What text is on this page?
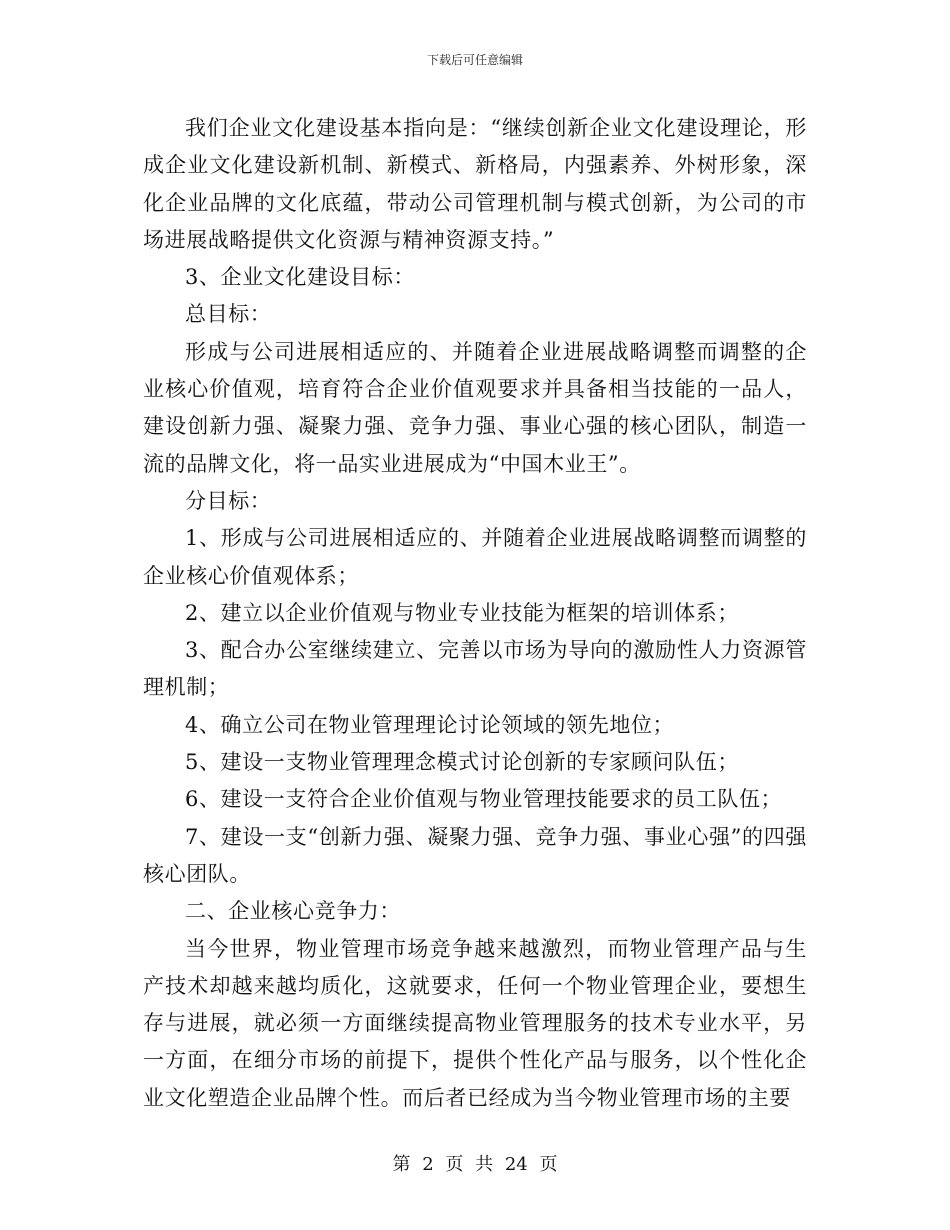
下载后可任意编辑

我们企业文化建设基本指向是：“继续创新企业文化建设理论，形成企业文化建设新机制、新模式、新格局，内强素养、外树形象，深化企业品牌的文化底蕴，带动公司管理机制与模式创新，为公司的市场进展战略提供文化资源与精神资源支持。”

3、企业文化建设目标：

总目标：

形成与公司进展相适应的、并随着企业进展战略调整而调整的企业核心价值观，培育符合企业价值观要求并具备相当技能的一品人，建设创新力强、凝聚力强、竞争力强、事业心强的核心团队，制造一流的品牌文化，将一品实业进展成为“中国木业王”。

分目标：

1、形成与公司进展相适应的、并随着企业进展战略调整而调整的企业核心价值观体系；

2、建立以企业价值观与物业专业技能为框架的培训体系；

3、配合办公室继续建立、完善以市场为导向的激励性人力资源管理机制；

4、确立公司在物业管理理论讨论领域的领先地位；

5、建设一支物业管理理念模式讨论创新的专家顾问队伍；

6、建设一支符合企业价值观与物业管理技能要求的员工队伍；

7、建设一支“创新力强、凝聚力强、竞争力强、事业心强”的四强核心团队。

二、企业核心竞争力：

当今世界，物业管理市场竞争越来越激烈，而物业管理产品与生产技术却越来越均质化，这就要求，任何一个物业管理企业，要想生存与进展，就必须一方面继续提高物业管理服务的技术专业水平，另一方面，在细分市场的前提下，提供个性化产品与服务，以个性化企业文化塑造企业品牌个性。而后者已经成为当今物业管理市场的主要

第 2 页 共 24 页
